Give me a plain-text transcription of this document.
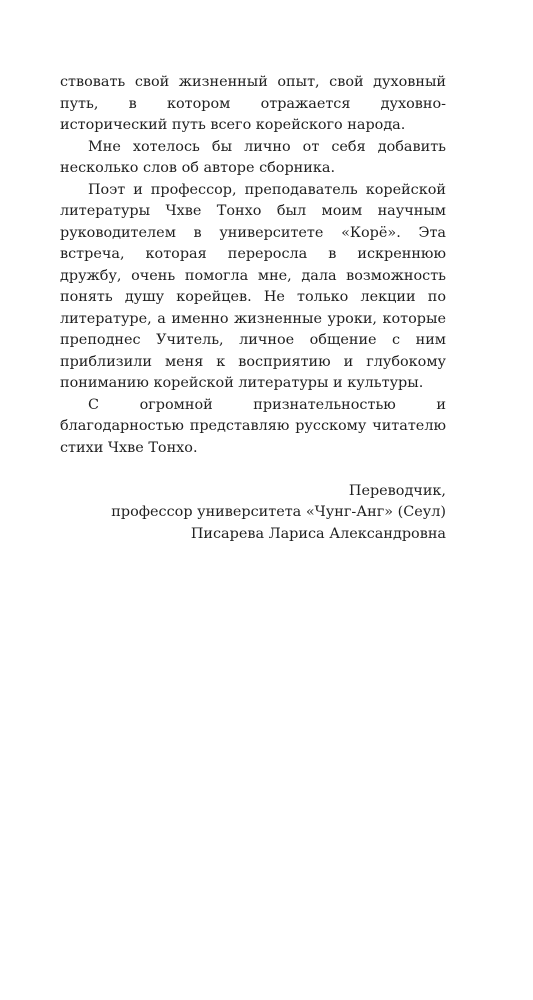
ствовать свой жизненный опыт, свой духовный путь, в котором отражается духовно-исторический путь всего корейского народа.

Мне хотелось бы лично от себя добавить несколько слов об авторе сборника.

Поэт и профессор, преподаватель корейской литературы Чхве Тонхо был моим научным руководителем в университете «Корё». Эта встреча, которая переросла в искреннюю дружбу, очень помогла мне, дала возможность понять душу корейцев. Не только лекции по литературе, а именно жизненные уроки, которые преподнес Учитель, личное общение с ним приблизили меня к восприятию и глубокому пониманию корейской литературы и культуры.

С огромной признательностью и благодарностью представляю русскому читателю стихи Чхве Тонхо.

Переводчик,
профессор университета «Чунг-Анг» (Сеул)
Писарева Лариса Александровна
